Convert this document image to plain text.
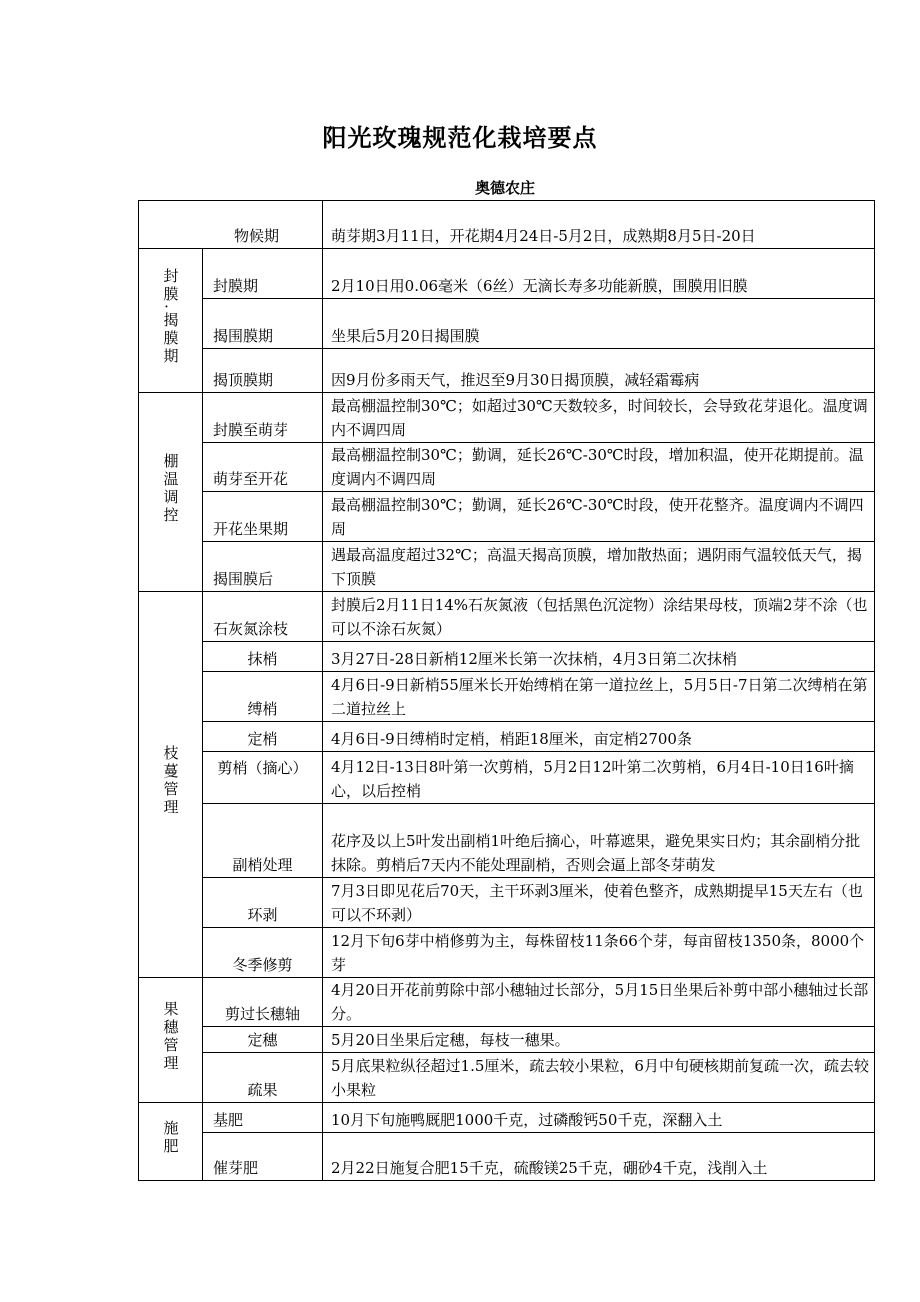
阳光玫瑰规范化栽培要点
奥德农庄
物候期		萌芽期3月11日，开花期4月24日-5月2日，成熟期8月5日-20日
封膜.揭膜期	封膜期	2月10日用0.06毫米（6丝）无滴长寿多功能新膜，围膜用旧膜
	揭围膜期	坐果后5月20日揭围膜
	揭顶膜期	因9月份多雨天气，推迟至9月30日揭顶膜，减轻霜霉病
棚温调控	封膜至萌芽	最高棚温控制30℃；如超过30℃天数较多，时间较长，会导致花芽退化。温度调内不调四周
	萌芽至开花	最高棚温控制30℃；勤调，延长26℃-30℃时段，增加积温，使开花期提前。温度调内不调四周
	开花坐果期	最高棚温控制30℃；勤调，延长26℃-30℃时段，使开花整齐。温度调内不调四周
	揭围膜后	遇最高温度超过32℃；高温天揭高顶膜，增加散热面；遇阴雨气温较低天气，揭下顶膜
枝蔓管理	石灰氮涂枝	封膜后2月11日14%石灰氮液（包括黑色沉淀物）涂结果母枝，顶端2芽不涂（也可以不涂石灰氮）
	抹梢	3月27日-28日新梢12厘米长第一次抹梢，4月3日第二次抹梢
	缚梢	4月6日-9日新梢55厘米长开始缚梢在第一道拉丝上，5月5日-7日第二次缚梢在第二道拉丝上
	定梢	4月6日-9日缚梢时定梢，梢距18厘米，亩定梢2700条
	剪梢（摘心）	4月12日-13日8叶第一次剪梢，5月2日12叶第二次剪梢，6月4日-10日16叶摘心，以后控梢
	副梢处理	花序及以上5叶发出副梢1叶绝后摘心，叶幕遮果，避免果实日灼；其余副梢分批抹除。剪梢后7天内不能处理副梢，否则会逼上部冬芽萌发
	环剥	7月3日即见花后70天，主干环剥3厘米，使着色整齐，成熟期提早15天左右（也可以不环剥）
	冬季修剪	12月下旬6芽中梢修剪为主，每株留枝11条66个芽，每亩留枝1350条，8000个芽
果穗管理	剪过长穗轴	4月20日开花前剪除中部小穗轴过长部分，5月15日坐果后补剪中部小穗轴过长部分。
	定穗	5月20日坐果后定穗，每枝一穗果。
	疏果	5月底果粒纵径超过1.5厘米，疏去较小果粒，6月中旬硬核期前复疏一次，疏去较小果粒
施肥	基肥	10月下旬施鸭厩肥1000千克，过磷酸钙50千克，深翻入土
	催芽肥	2月22日施复合肥15千克，硫酸镁25千克，硼砂4千克，浅削入土
